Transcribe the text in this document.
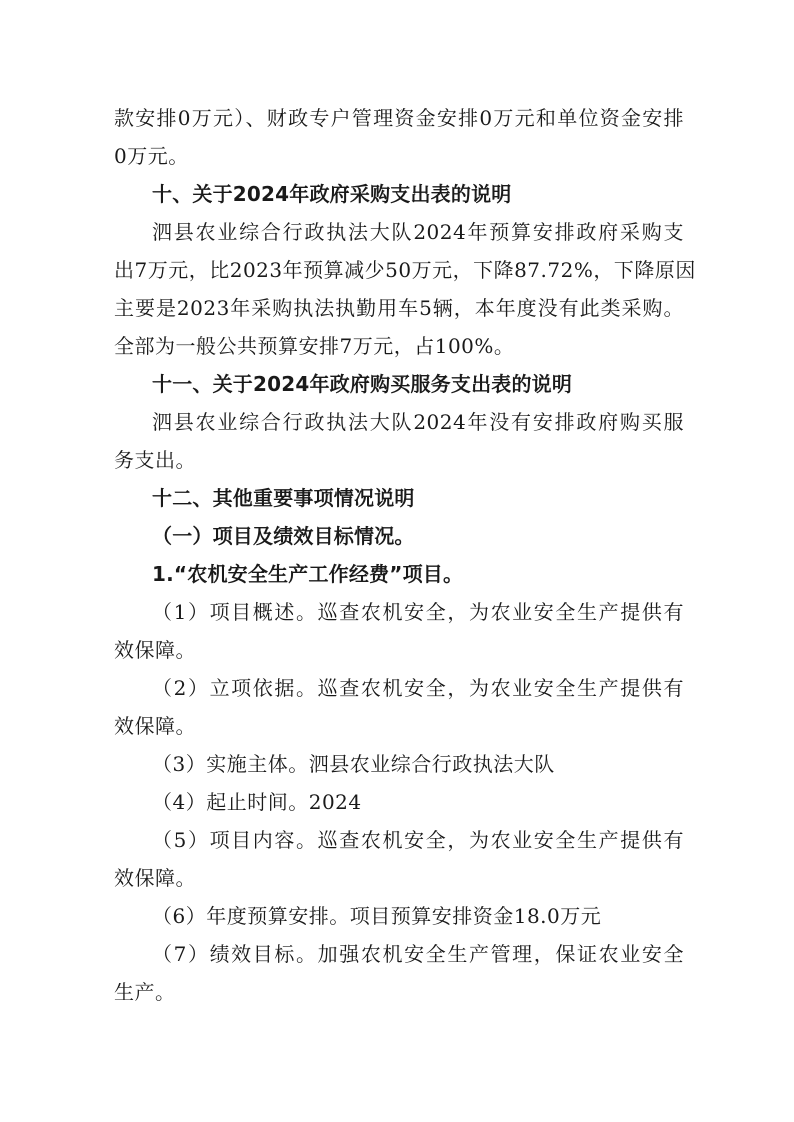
款安排0万元）、财政专户管理资金安排0万元和单位资金安排
0万元。
十、关于2024年政府采购支出表的说明
泗县农业综合行政执法大队2024年预算安排政府采购支
出7万元，比2023年预算减少50万元，下降87.72%，下降原因
主要是2023年采购执法执勤用车5辆，本年度没有此类采购。
全部为一般公共预算安排7万元，占100%。
十一、关于2024年政府购买服务支出表的说明
泗县农业综合行政执法大队2024年没有安排政府购买服
务支出。
十二、其他重要事项情况说明
（一）项目及绩效目标情况。
1.“农机安全生产工作经费”项目。
（1）项目概述。巡查农机安全，为农业安全生产提供有
效保障。
（2）立项依据。巡查农机安全，为农业安全生产提供有
效保障。
（3）实施主体。泗县农业综合行政执法大队
（4）起止时间。2024
（5）项目内容。巡查农机安全，为农业安全生产提供有
效保障。
（6）年度预算安排。项目预算安排资金18.0万元
（7）绩效目标。加强农机安全生产管理，保证农业安全
生产。
